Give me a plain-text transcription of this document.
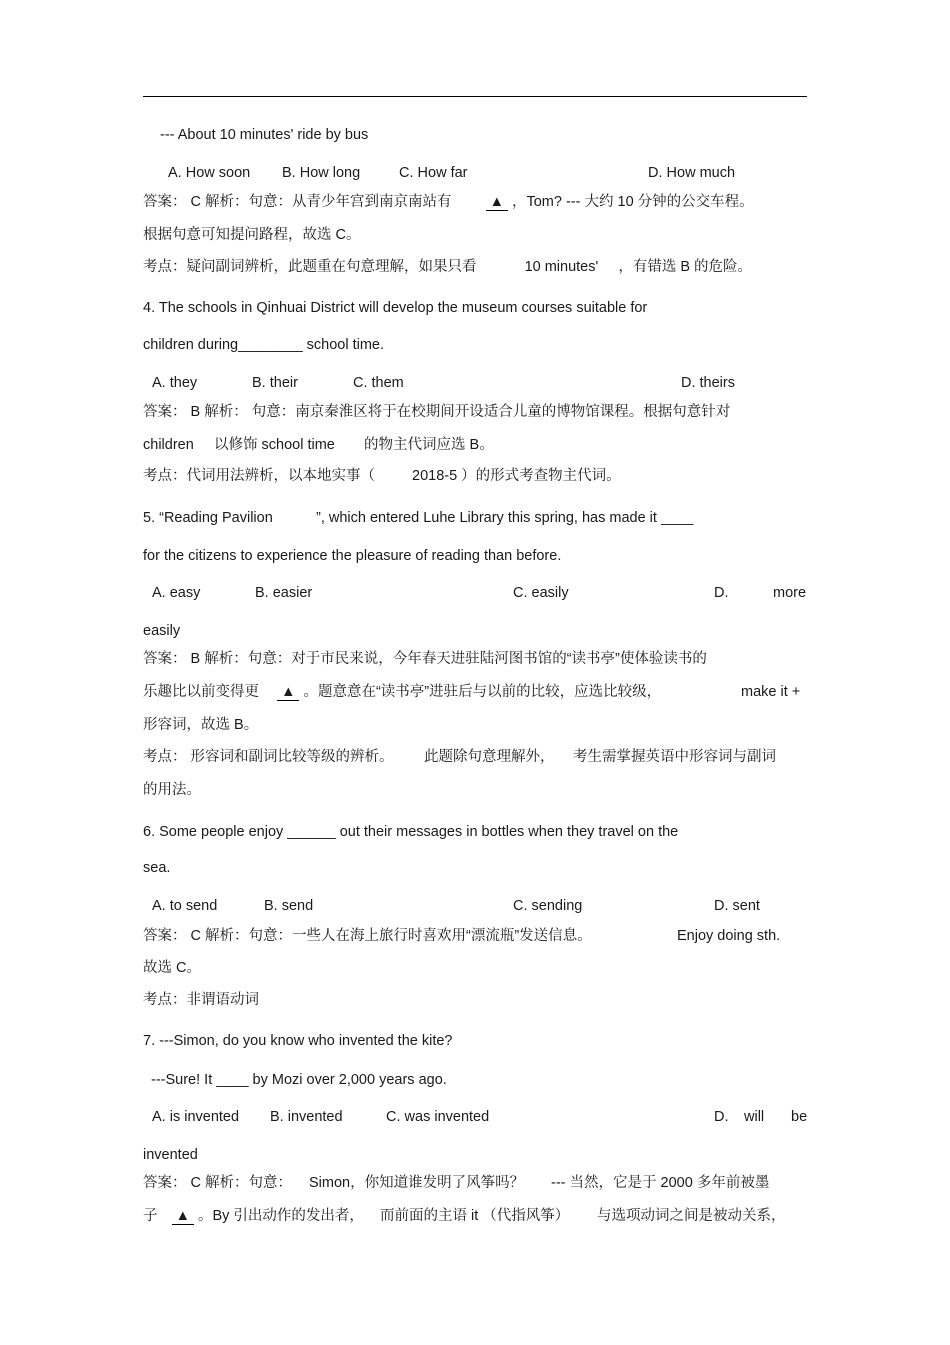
--- About 10 minutes' ride by bus
A. How soon B. How long	C. How far	D. How much
答案： C 解析：句意：从青少年宫到南京南站有	▲ ，Tom? --- 大约 10 分钟的公交车程。
根据句意可知提问路程，故选 C。
考点：疑问副词辨析，此题重在句意理解，如果只看	10 minutes' ，有错选 B 的危险。
4. The schools in Qinhuai District will develop the museum courses suitable for
children during________ school time.
A. they	B. their	C. them	D. theirs
答案： B 解析： 句意：南京秦淮区将于在校期间开设适合儿童的博物馆课程。根据句意针对
children 以修饰 school time 的物主代词应选 B。
考点：代词用法辨析，以本地实事（	2018-5 ）的形式考查物主代词。
5. “Reading Pavilion	”, which entered Luhe Library this spring, has made it ____
for the citizens to experience the pleasure of reading than before.
A. easy	B. easier	C. easily	D.	more
easily
答案： B 解析：句意：对于市民来说，今年春天进驻陆河图书馆的“读书亭”使体验读书的
乐趣比以前变得更 ▲ 。题意意在“读书亭”进驻后与以前的比较，应选比较级，	make it +
形容词，故选 B。
考点： 形容词和副词比较等级的辨析。 此题除句意理解外， 考生需掌握英语中形容词与副词
的用法。
6. Some people enjoy ______ out their messages in bottles when they travel on the
sea.
A. to send	B. send	C. sending	D. sent
答案： C 解析：句意：一些人在海上旅行时喜欢用“漂流瓶”发送信息。	Enjoy doing sth.
故选 C。
考点：非谓语动词
7. ---Simon, do you know who invented the kite?
---Sure! It ____ by Mozi over 2,000 years ago.
A. is invented B. invented	C. was invented	D. will be
invented
答案： C 解析：句意： Simon，你知道谁发明了风筝吗？ --- 当然，它是于 2000 多年前被墨
子 ▲ 。By 引出动作的发出者， 而前面的主语 it （代指风筝） 与选项动词之间是被动关系，
